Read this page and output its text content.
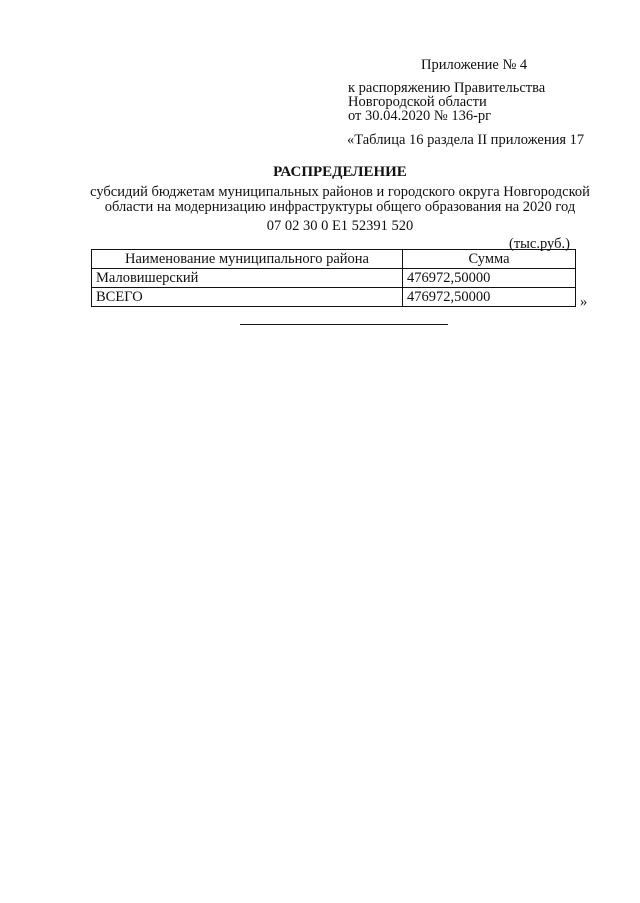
Приложение № 4
к распоряжению Правительства
Новгородской области
от 30.04.2020 № 136-рг
«Таблица 16 раздела II приложения 17
РАСПРЕДЕЛЕНИЕ
субсидий бюджетам муниципальных районов и городского округа Новгородской
области на модернизацию инфраструктуры общего образования на 2020 год
07 02 30 0 Е1 52391 520
(тыс.руб.)
Наименование муниципального района	Сумма
Маловишерский	476972,50000
ВСЕГО	476972,50000	»
